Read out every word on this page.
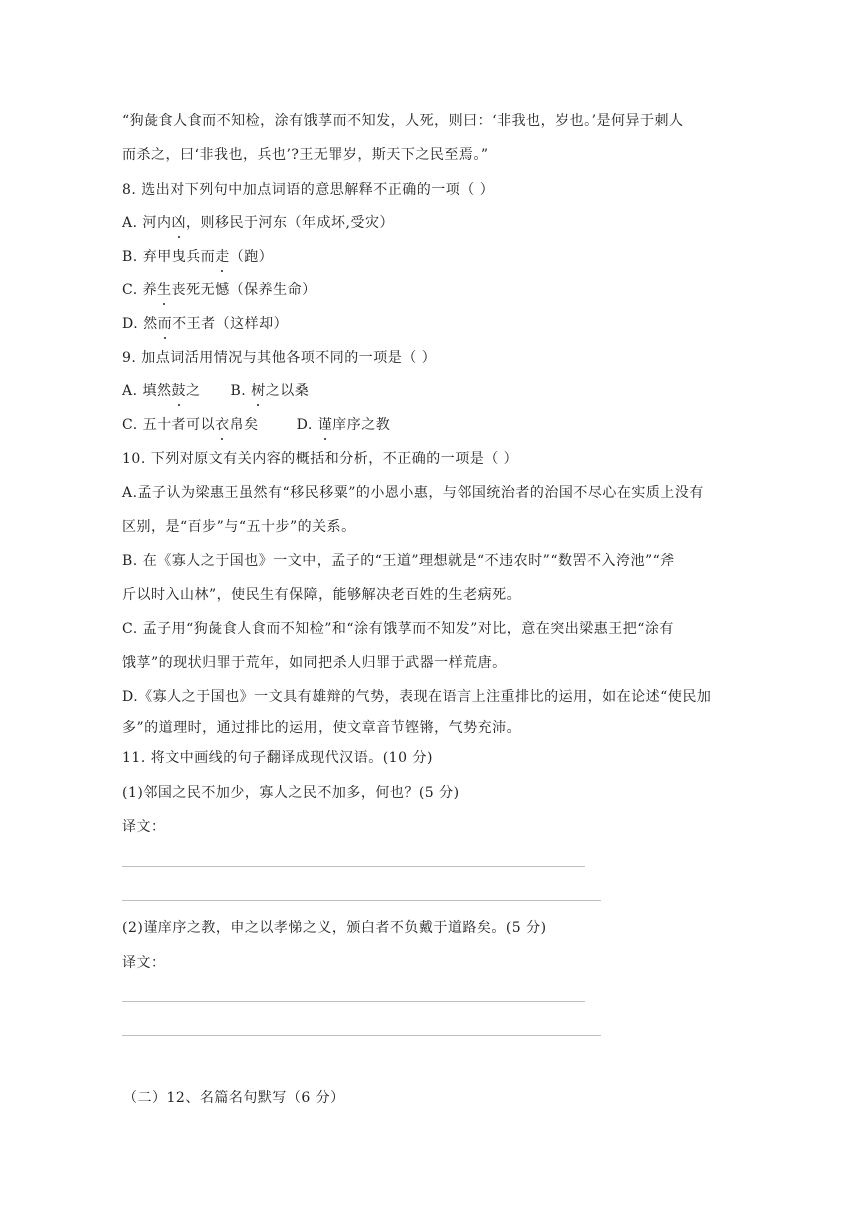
“狗彘食人食而不知检，涂有饿莩而不知发，人死，则曰：‘非我也，岁也。’是何异于刺人
而杀之，曰‘非我也，兵也’?王无罪岁，斯天下之民至焉。”
8. 选出对下列句中加点词语的意思解释不正确的一项（ ）
A. 河内凶，则移民于河东（年成坏,受灾）
B. 弃甲曳兵而走（跑）
C. 养生丧死无憾（保养生命）
D. 然而不王者（这样却）
9. 加点词活用情况与其他各项不同的一项是（ ）
A. 填然鼓之 B. 树之以桑
C. 五十者可以衣帛矣	D. 谨庠序之教
10. 下列对原文有关内容的概括和分析，不正确的一项是（ ）
A.孟子认为梁惠王虽然有“移民移粟”的小恩小惠，与邻国统治者的治国不尽心在实质上没有
区别，是“百步”与“五十步”的关系。
B. 在《寡人之于国也》一文中，孟子的“王道”理想就是“不违农时”“数罟不入洿池”“斧
斤以时入山林”，使民生有保障，能够解决老百姓的生老病死。
C. 孟子用“狗彘食人食而不知检”和“涂有饿莩而不知发”对比，意在突出梁惠王把“涂有
饿莩”的现状归罪于荒年，如同把杀人归罪于武器一样荒唐。
D.《寡人之于国也》一文具有雄辩的气势，表现在语言上注重排比的运用，如在论述“使民加
多”的道理时，通过排比的运用，使文章音节铿锵，气势充沛。
11. 将文中画线的句子翻译成现代汉语。(10 分)
(1)邻国之民不加少，寡人之民不加多，何也？(5 分)
译文：
(2)谨庠序之教，申之以孝悌之义，颁白者不负戴于道路矣。(5 分)
译文：
（二）12、名篇名句默写（6 分）
